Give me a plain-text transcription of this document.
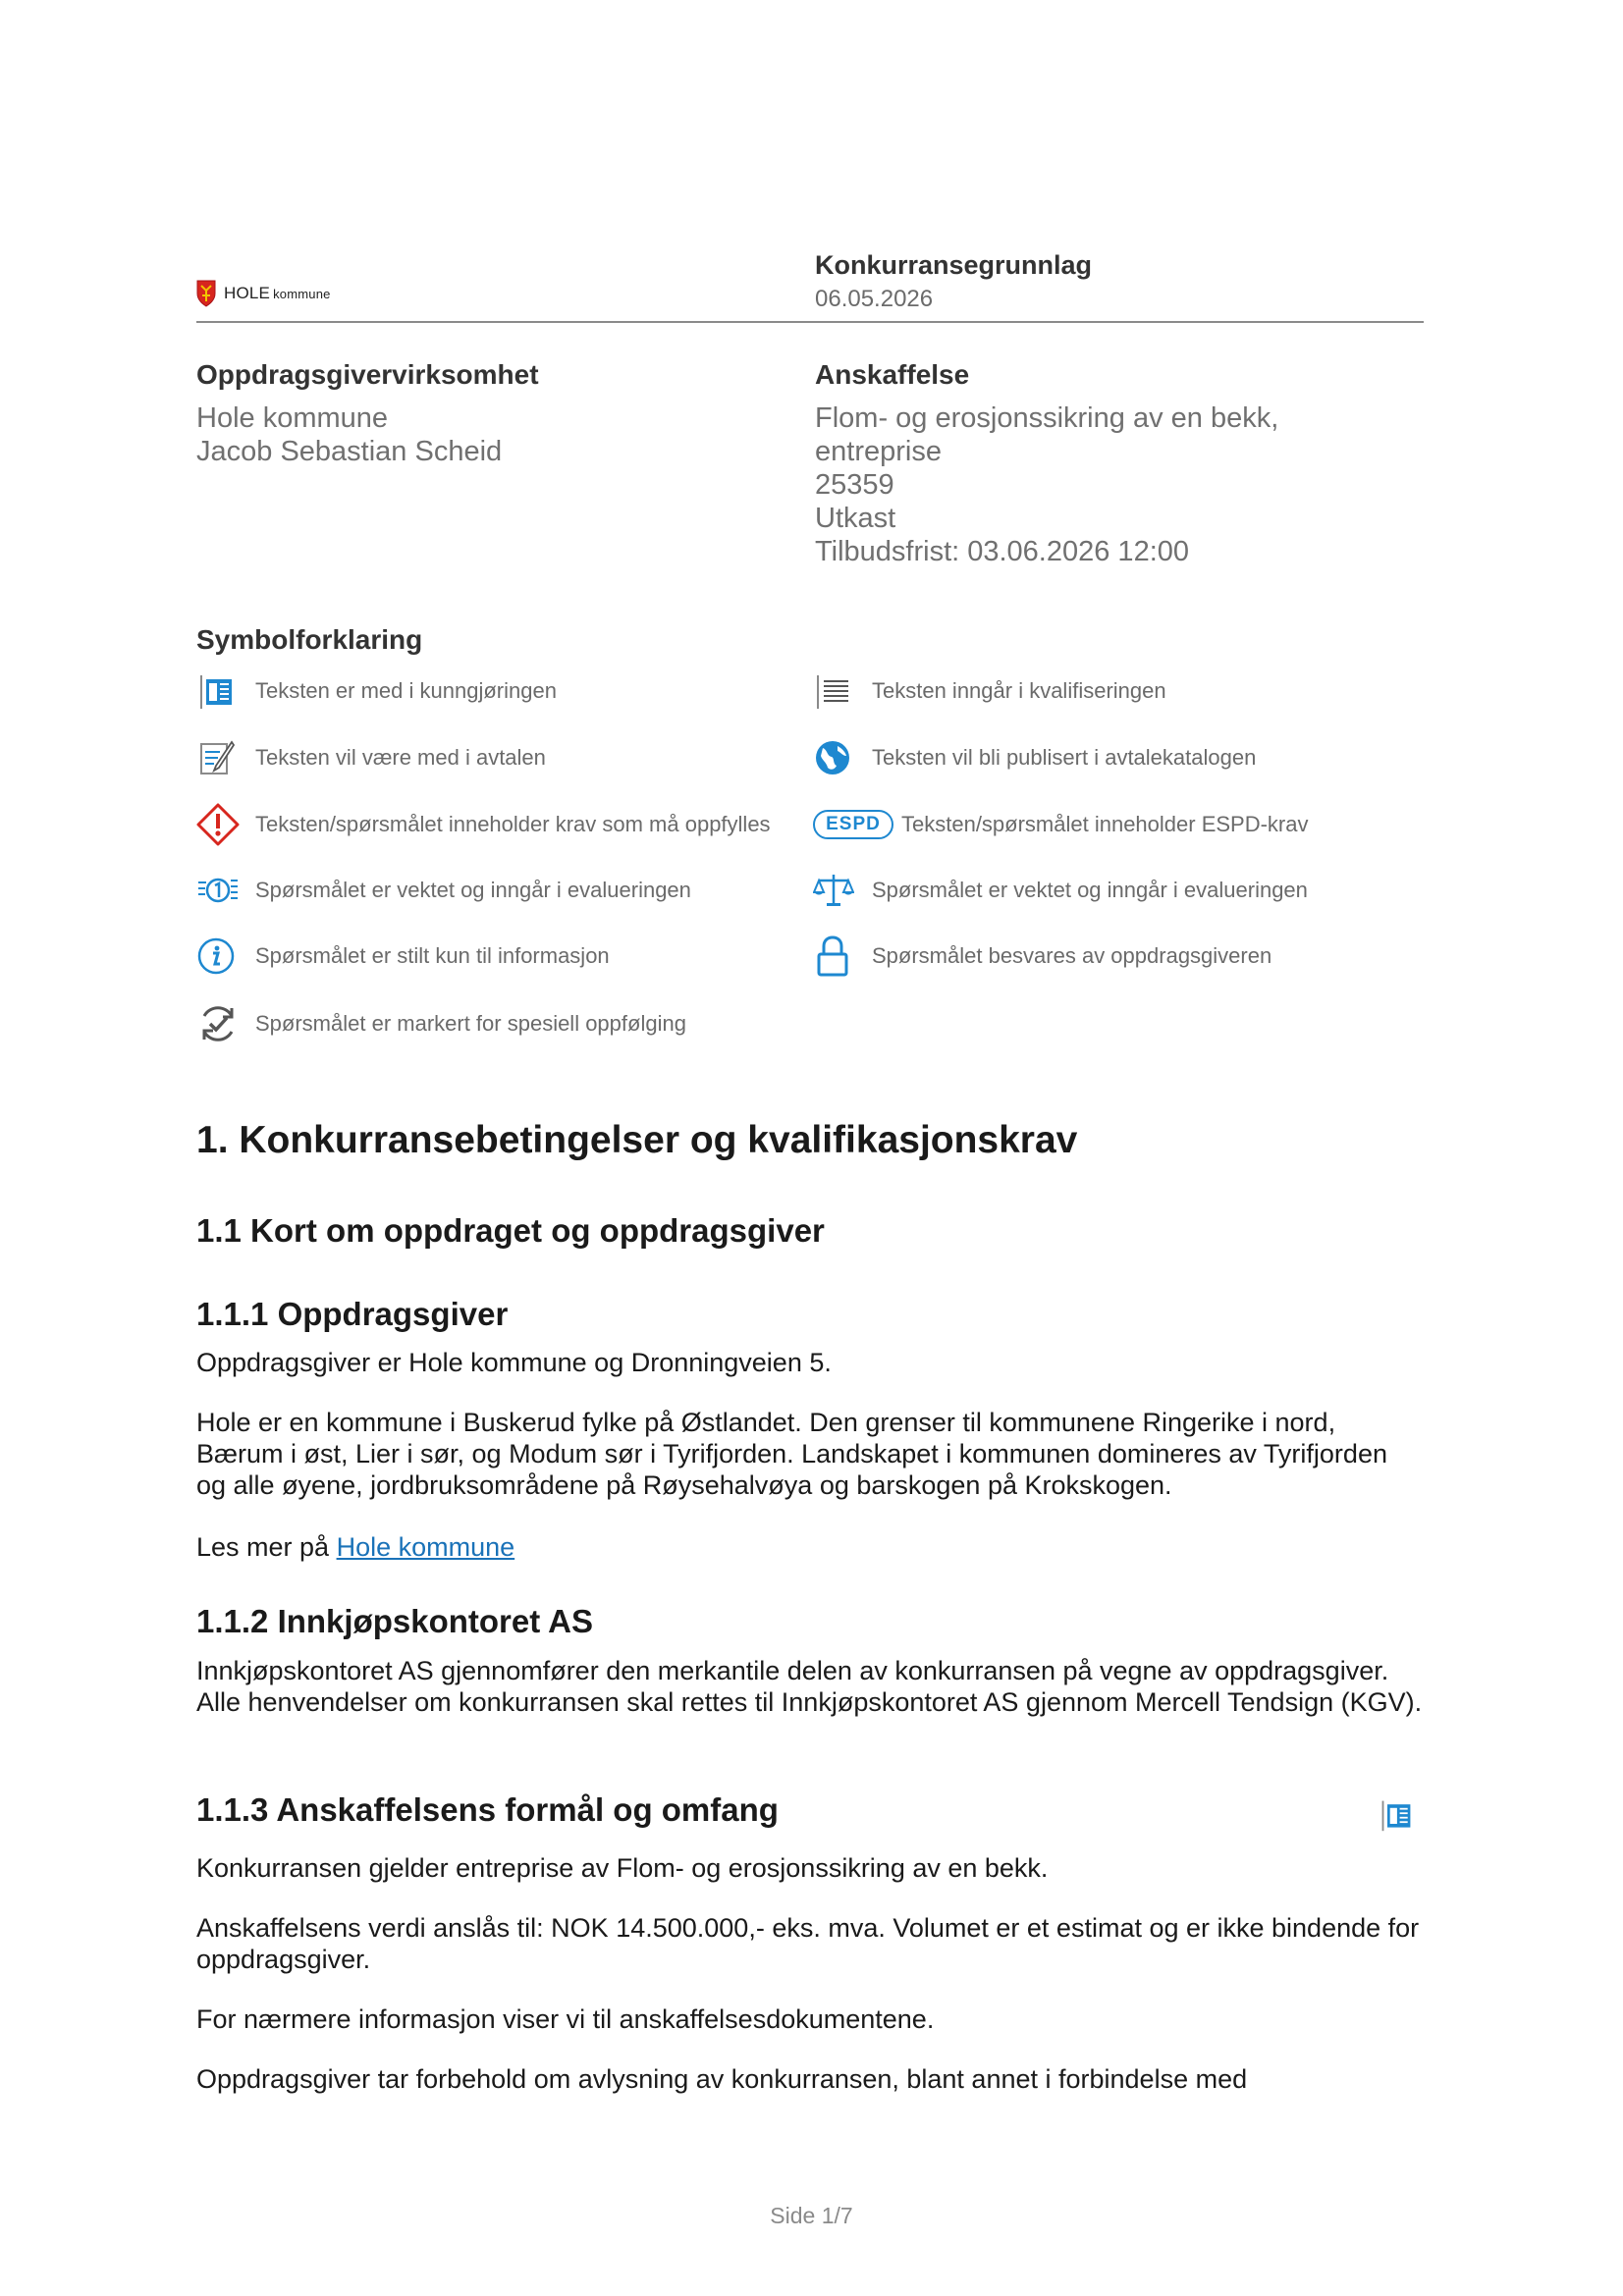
HOLE kommune
Konkurransegrunnlag
06.05.2026
Oppdragsgivervirksomhet
Hole kommune
Jacob Sebastian Scheid
Anskaffelse
Flom- og erosjonssikring av en bekk,
entreprise
25359
Utkast
Tilbudsfrist: 03.06.2026 12:00
Symbolforklaring
Teksten er med i kunngjøringen	Teksten inngår i kvalifiseringen
Teksten vil være med i avtalen	Teksten vil bli publisert i avtalekatalogen
Teksten/spørsmålet inneholder krav som må oppfylles	ESPD Teksten/spørsmålet inneholder ESPD-krav
Spørsmålet er vektet og inngår i evalueringen	Spørsmålet er vektet og inngår i evalueringen
Spørsmålet er stilt kun til informasjon	Spørsmålet besvares av oppdragsgiveren
Spørsmålet er markert for spesiell oppfølging
1. Konkurransebetingelser og kvalifikasjonskrav
1.1 Kort om oppdraget og oppdragsgiver
1.1.1 Oppdragsgiver
Oppdragsgiver er Hole kommune og Dronningveien 5.
Hole er en kommune i Buskerud fylke på Østlandet. Den grenser til kommunene Ringerike i nord, Bærum i øst, Lier i sør, og Modum sør i Tyrifjorden. Landskapet i kommunen domineres av Tyrifjorden og alle øyene, jordbruksområdene på Røysehalvøya og barskogen på Krokskogen.
Les mer på Hole kommune
1.1.2 Innkjøpskontoret AS
Innkjøpskontoret AS gjennomfører den merkantile delen av konkurransen på vegne av oppdragsgiver. Alle henvendelser om konkurransen skal rettes til Innkjøpskontoret AS gjennom Mercell Tendsign (KGV).
1.1.3 Anskaffelsens formål og omfang
Konkurransen gjelder entreprise av Flom- og erosjonssikring av en bekk.
Anskaffelsens verdi anslås til: NOK 14.500.000,- eks. mva. Volumet er et estimat og er ikke bindende for oppdragsgiver.
For nærmere informasjon viser vi til anskaffelsesdokumentene.
Oppdragsgiver tar forbehold om avlysning av konkurransen, blant annet i forbindelse med
Side 1/7
